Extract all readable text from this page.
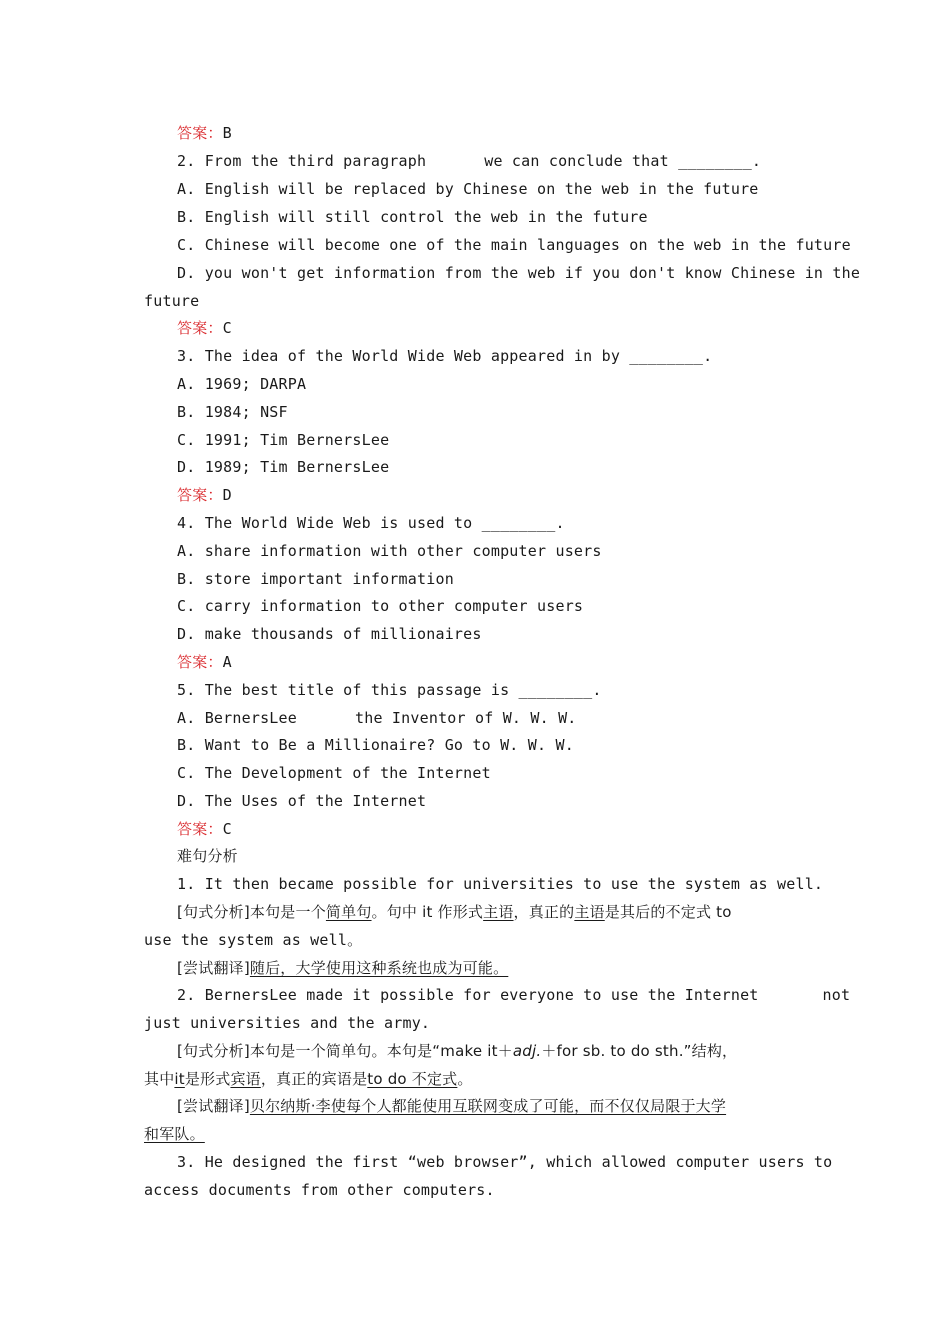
答案：B
2. From the third paragraph	we can conclude that ________.
A. English will be replaced by Chinese on the web in the future
B. English will still control the web in the future
C. Chinese will become one of the main languages on the web in the future
D. you won't get information from the web if you don't know Chinese in the
future
答案：C
3. The idea of the World Wide Web appeared in by ________.
A. 1969; DARPA
B. 1984; NSF
C. 1991; Tim BernersLee
D. 1989; Tim BernersLee
答案：D
4. The World Wide Web is used to ________.
A. share information with other computer users
B. store important information
C. carry information to other computer users
D. make thousands of millionaires
答案：A
5. The best title of this passage is ________.
A. BernersLee	the Inventor of W. W. W.
B. Want to Be a Millionaire? Go to W. W. W.
C. The Development of the Internet
D. The Uses of the Internet
答案：C
难句分析
1. It then became possible for universities to use the system as well.
[句式分析]本句是一个简单句。句中 it 作形式主语，真正的主语是其后的不定式 to
use the system as well。
[尝试翻译]随后，大学使用这种系统也成为可能。
2. BernersLee made it possible for everyone to use the Internet	not
just universities and the army.
[句式分析]本句是一个简单句。本句是“make it＋adj.＋for sb. to do sth.”结构，
其中it是形式宾语，真正的宾语是to do 不定式。
[尝试翻译]贝尔纳斯·李使每个人都能使用互联网变成了可能，而不仅仅局限于大学
和军队。
3. He designed the first “web browser”, which allowed computer users to
access documents from other computers.
